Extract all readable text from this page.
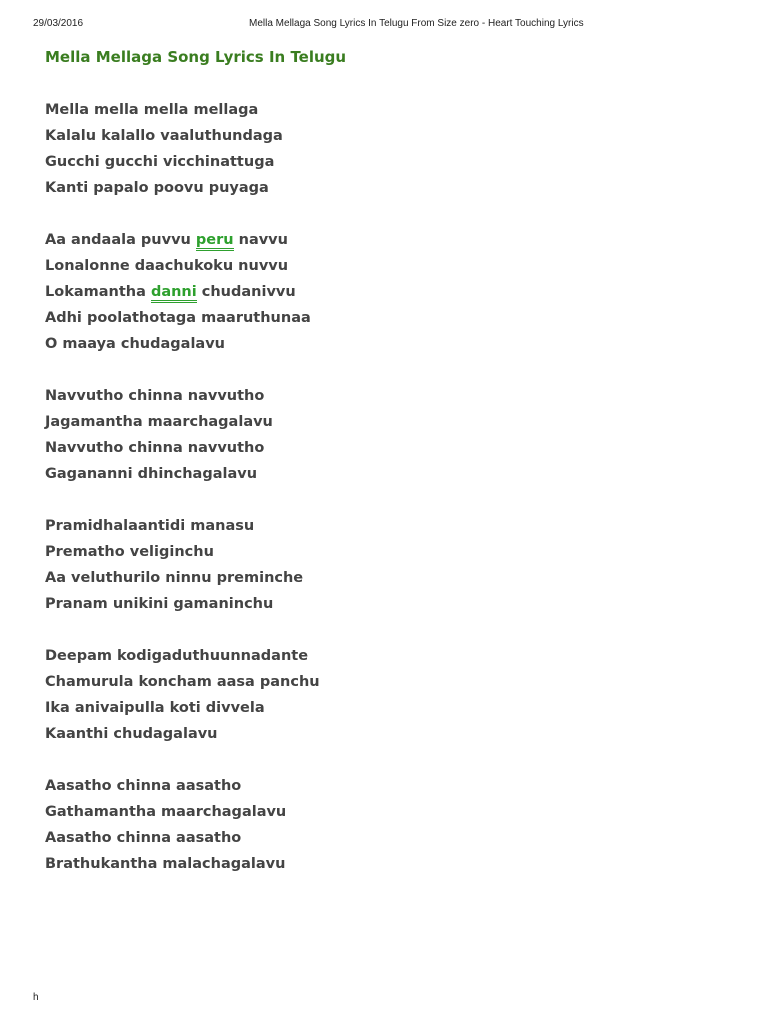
29/03/2016	Mella Mellaga Song Lyrics In Telugu From Size zero - Heart Touching Lyrics
Mella Mellaga Song Lyrics In Telugu
Mella mella mella mellaga
Kalalu kalallo vaaluthundaga
Gucchi gucchi vicchinattuga
Kanti papalo poovu puyaga
Aa andaala puvvu peru navvu
Lonalonne daachukoku nuvvu
Lokamantha danni chudanivvu
Adhi poolathotaga maaruthunaa
O maaya chudagalavu
Navvutho chinna navvutho
Jagamantha maarchagalavu
Navvutho chinna navvutho
Gagananni dhinchagalavu
Pramidhalaantidi manasu
Prematho veliginchu
Aa veluthurilo ninnu preminche
Pranam unikini gamaninchu
Deepam kodigaduthuunnadante
Chamurula koncham aasa panchu
Ika anivaipulla koti divvela
Kaanthi chudagalavu
Aasatho chinna aasatho
Gathamantha maarchagalavu
Aasatho chinna aasatho
Brathukantha malachagalavu
h
